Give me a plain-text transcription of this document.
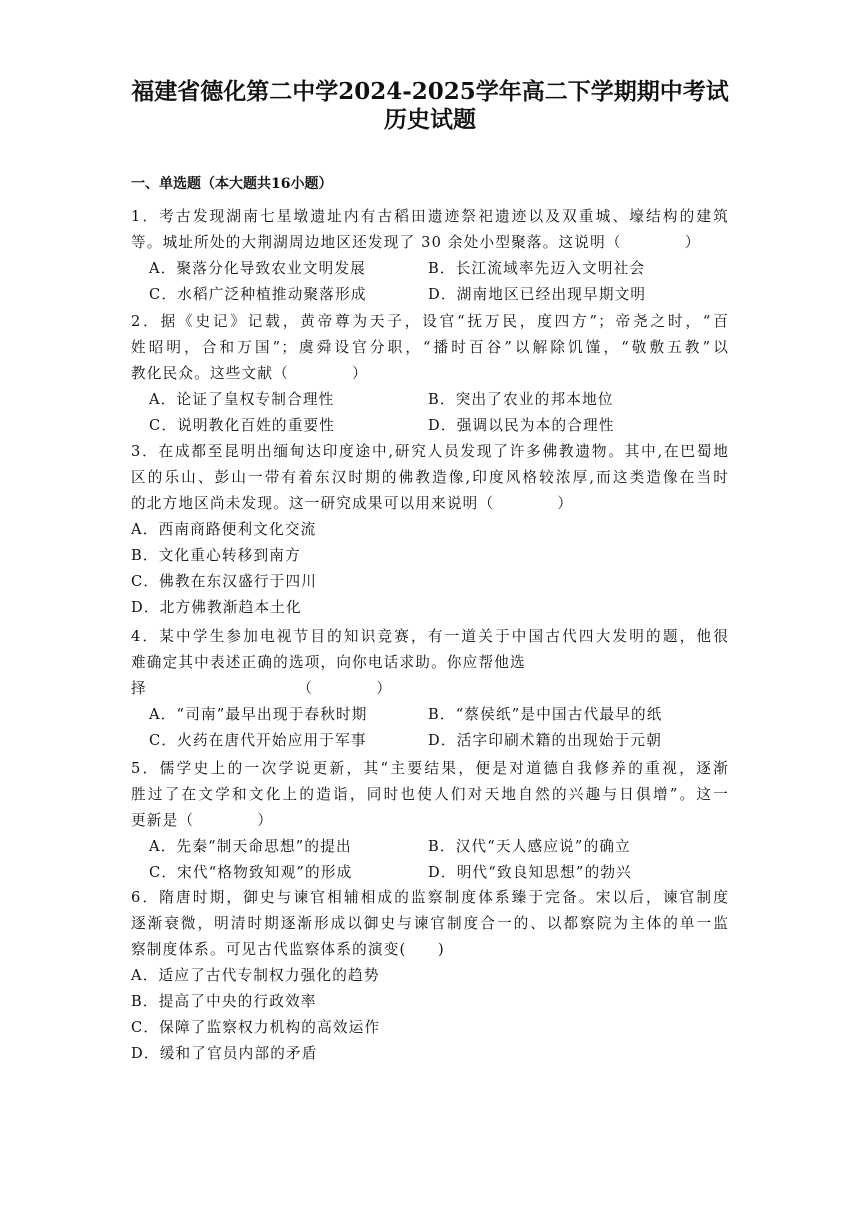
福建省德化第二中学2024-2025学年高二下学期期中考试
历史试题
一、单选题（本大题共16小题）
1．考古发现湖南七星墩遗址内有古稻田遗迹祭祀遗迹以及双重城、壕结构的建筑
等。城址所处的大荆湖周边地区还发现了 30 余处小型聚落。这说明（　　　　）
A．聚落分化导致农业文明发展	B．长江流域率先迈入文明社会
C．水稻广泛种植推动聚落形成	D．湖南地区已经出现早期文明
2．据《史记》记载，黄帝尊为天子，设官“抚万民，度四方”；帝尧之时，“百
姓昭明，合和万国”；虞舜设官分职，“播时百谷”以解除饥馑，“敬敷五教”以
教化民众。这些文献（　　　　）
A．论证了皇权专制合理性	B．突出了农业的邦本地位
C．说明教化百姓的重要性	D．强调以民为本的合理性
3．在成都至昆明出缅甸达印度途中,研究人员发现了许多佛教遗物。其中,在巴蜀地
区的乐山、彭山一带有着东汉时期的佛教造像,印度风格较浓厚,而这类造像在当时
的北方地区尚未发现。这一研究成果可以用来说明（　　　　）
A．西南商路便利文化交流
B．文化重心转移到南方
C．佛教在东汉盛行于四川
D．北方佛教渐趋本土化
4．某中学生参加电视节目的知识竞赛，有一道关于中国古代四大发明的题，他很
难确定其中表述正确的选项，向你电话求助。你应帮他选
择　　　　　　　　　　（　　　　）
A．“司南”最早出现于春秋时期	B．“蔡侯纸”是中国古代最早的纸
C．火药在唐代开始应用于军事	D．活字印刷术籍的出现始于元朝
5．儒学史上的一次学说更新，其“主要结果，便是对道德自我修养的重视，逐渐
胜过了在文学和文化上的造诣，同时也使人们对天地自然的兴趣与日俱增”。这一
更新是（　　　　）
A．先秦“制天命思想”的提出	B．汉代“天人感应说”的确立
C．宋代“格物致知观”的形成	D．明代“致良知思想”的勃兴
6．隋唐时期，御史与谏官相辅相成的监察制度体系臻于完备。宋以后，谏官制度
逐渐衰微，明清时期逐渐形成以御史与谏官制度合一的、以都察院为主体的单一监
察制度体系。可见古代监察体系的演变(　　)
A．适应了古代专制权力强化的趋势
B．提高了中央的行政效率
C．保障了监察权力机构的高效运作
D．缓和了官员内部的矛盾
